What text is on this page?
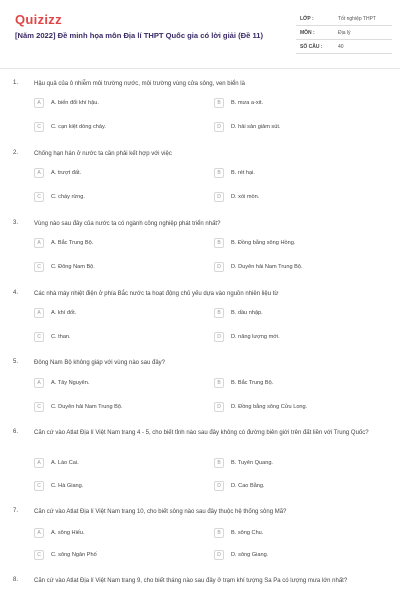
Quizizz
[Năm 2022] Đề minh họa môn Địa lí THPT Quốc gia có lời giải (Đề 11)
LỚP :	Tốt nghiệp THPT
MÔN :	Địa lý
SỐ CÂU :	40
1.	Hậu quả của ô nhiễm môi trường nước, môi trường vùng cửa sông, ven biển là
A	A. biến đổi khí hậu.	B	B. mưa a-xit.
C	C. cạn kiệt dòng chảy.	D	D. hải sản giảm sút.
2.	Chống hạn hán ở nước ta cần phải kết hợp với việc
A	A. trượt đất.	B	B. rét hại.
C	C. cháy rừng.	D	D. xói mòn.
3.	Vùng nào sau đây của nước ta có ngành công nghiệp phát triển nhất?
A	A. Bắc Trung Bộ.	B	B. Đồng bằng sông Hồng.
C	C. Đông Nam Bộ.	D	D. Duyên hải Nam Trung Bộ.
4.	Các nhà máy nhiệt điện ở phía Bắc nước ta hoạt động chủ yếu dựa vào nguồn nhiên liệu từ
A	A. khí đốt.	B	B. dầu nhập.
C	C. than.	D	D. năng lượng mới.
5.	Đông Nam Bộ không giáp với vùng nào sau đây?
A	A. Tây Nguyên.	B	B. Bắc Trung Bộ.
C	C. Duyên hải Nam Trung Bộ.	D	D. Đồng bằng sông Cửu Long.
6.	Căn cứ vào Atlat Địa lí Việt Nam trang 4 - 5, cho biết tỉnh nào sau đây không có đường biên giới trên đất liền với Trung Quốc?
A	A. Lào Cai.	B	B. Tuyên Quang.
C	C. Hà Giang.	D	D. Cao Bằng.
7.	Căn cứ vào Atlat Địa lí Việt Nam trang 10, cho biết sông nào sau đây thuộc hệ thống sông Mã?
A	A. sông Hiếu.	B	B. sông Chu.
C	C. sông Ngân Phố	D	D. sông Giang.
8.	Căn cứ vào Atlat Địa lí Việt Nam trang 9, cho biết tháng nào sau đây ở trạm khí tượng Sa Pa có lượng mưa lớn nhất?
